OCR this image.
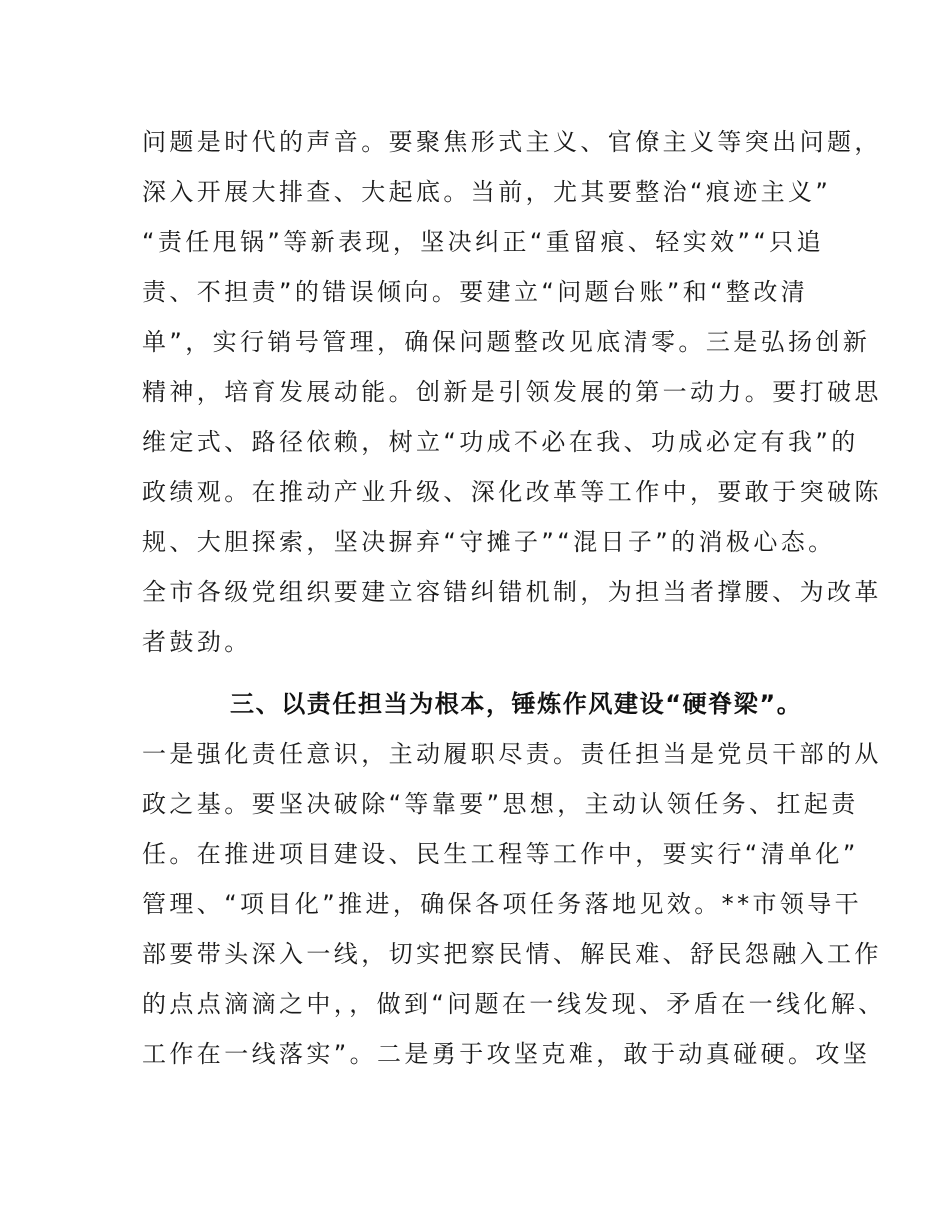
问题是时代的声音。要聚焦形式主义、官僚主义等突出问题，
深入开展大排查、大起底。当前，尤其要整治“痕迹主义”
“责任甩锅”等新表现，坚决纠正“重留痕、轻实效”“只追
责、不担责”的错误倾向。要建立“问题台账”和“整改清
单”，实行销号管理，确保问题整改见底清零。三是弘扬创新
精神，培育发展动能。创新是引领发展的第一动力。要打破思
维定式、路径依赖，树立“功成不必在我、功成必定有我”的
政绩观。在推动产业升级、深化改革等工作中，要敢于突破陈
规、大胆探索，坚决摒弃“守摊子”“混日子”的消极心态。
全市各级党组织要建立容错纠错机制，为担当者撑腰、为改革
者鼓劲。
三、以责任担当为根本，锤炼作风建设“硬脊梁”。
一是强化责任意识，主动履职尽责。责任担当是党员干部的从
政之基。要坚决破除“等靠要”思想，主动认领任务、扛起责
任。在推进项目建设、民生工程等工作中，要实行“清单化”
管理、“项目化”推进，确保各项任务落地见效。**市领导干
部要带头深入一线，切实把察民情、解民难、舒民怨融入工作
的点点滴滴之中，，做到“问题在一线发现、矛盾在一线化解、
工作在一线落实”。二是勇于攻坚克难，敢于动真碰硬。攻坚
